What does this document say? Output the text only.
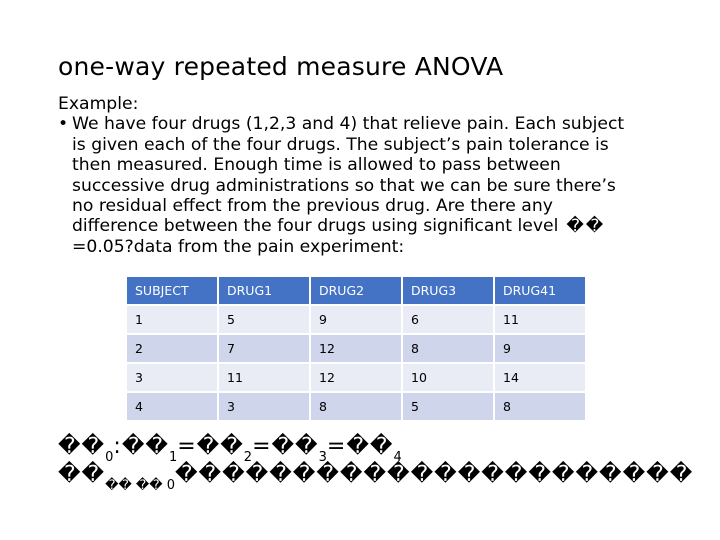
one-way repeated measure ANOVA
Example:
• We have four drugs (1,2,3 and 4) that relieve pain. Each subject
is given each of the four drugs. The subject’s pain tolerance is
then measured. Enough time is allowed to pass between
successive drug administrations so that we can be sure there’s
no residual effect from the previous drug. Are there any
difference between the four drugs using significant level ��
=0.05?data from the pain experiment:
SUBJECT	DRUG1	DRUG2	DRUG3	DRUG41
1	5	9	6	11
2	7	12	8	9
3	11	12	10	14
4	3	8	5	8
$��_0:��_1=��_2=��_3=��_4$
$��_{�� �� 0}����������������������$
